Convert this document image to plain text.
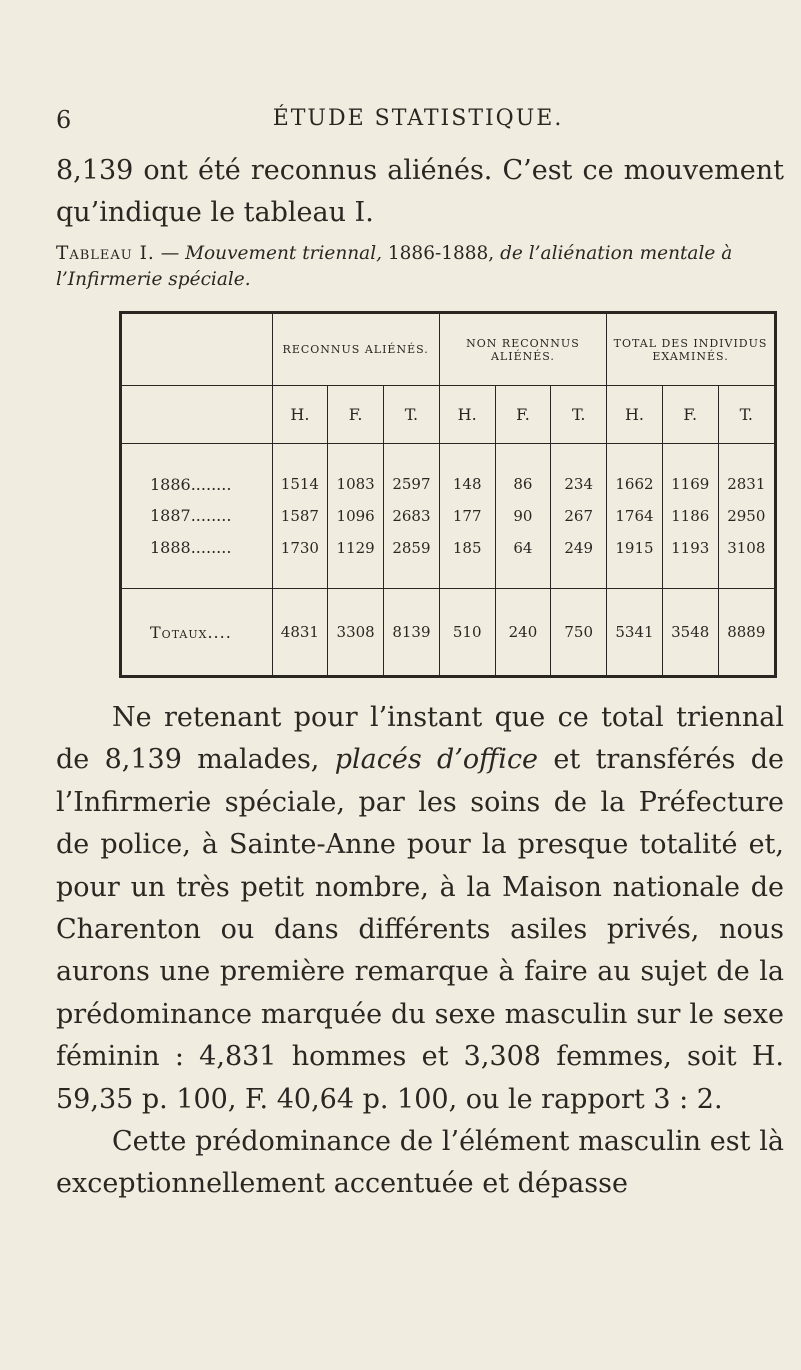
6	ÉTUDE STATISTIQUE.

8,139 ont été reconnus aliénés. C’est ce mouvement qu’indique le tableau I.

Tableau I. — Mouvement triennal, 1886-1888, de l’aliénation mentale à l’Infirmerie spéciale.

	RECONNUS ALIÉNÉS.			NON RECONNUS ALIÉNÉS.			TOTAL DES INDIVIDUS EXAMINÉS.		
	H.	F.	T.	H.	F.	T.	H.	F.	T.

1886........	1514	1083	2597	148	86	234	1662	1169	2831
1887........	1587	1096	2683	177	90	267	1764	1186	2950
1888........	1730	1129	2859	185	64	249	1915	1193	3108

Totaux....	4831	3308	8139	510	240	750	5341	3548	8889

Ne retenant pour l’instant que ce total triennal de 8,139 malades, placés d’office et transférés de l’Infirmerie spéciale, par les soins de la Préfecture de police, à Sainte-Anne pour la presque totalité et, pour un très petit nombre, à la Maison nationale de Charenton ou dans différents asiles privés, nous aurons une première remarque à faire au sujet de la prédominance marquée du sexe masculin sur le sexe féminin : 4,831 hommes et 3,308 femmes, soit H. 59,35 p. 100, F. 40,64 p. 100, ou le rapport 3 : 2.

Cette prédominance de l’élément masculin est là exceptionnellement accentuée et dépasse
